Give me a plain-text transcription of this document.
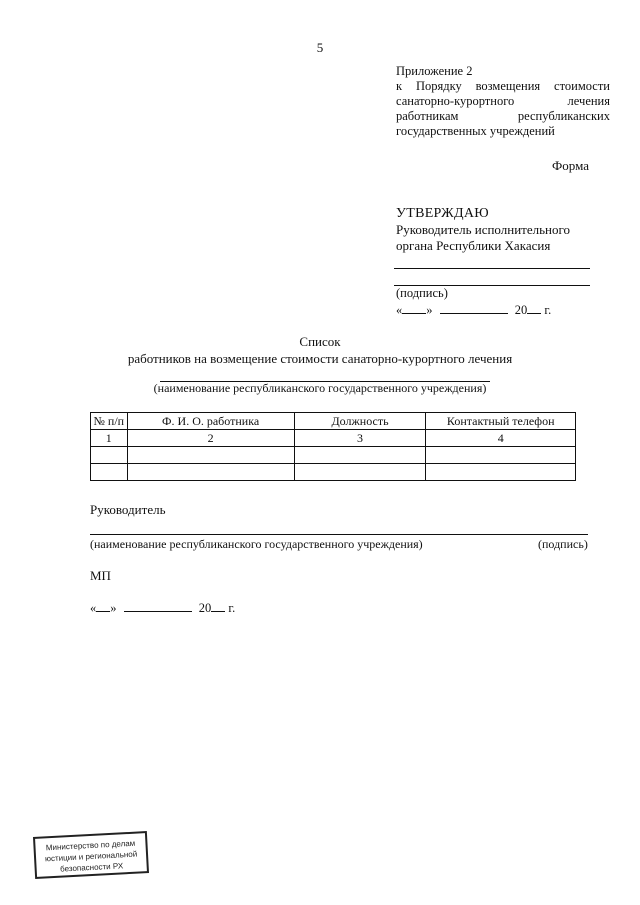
5
Приложение 2
к Порядку возмещения стоимости
санаторно-курортного лечения
работникам республиканских
государственных учреждений
Форма
УТВЕРЖДАЮ
Руководитель исполнительного
органа Республики Хакасия
(подпись)
« »	20 г.
Список
работников на возмещение стоимости санаторно-курортного лечения
(наименование республиканского государственного учреждения)
№ п/п	Ф. И. О. работника	Должность	Контактный телефон
1	2	3	4

Руководитель
(наименование республиканского государственного учреждения)	(подпись)
МП
« »	20 г.
Министерство по делам
юстиции и региональной
безопасности РХ
